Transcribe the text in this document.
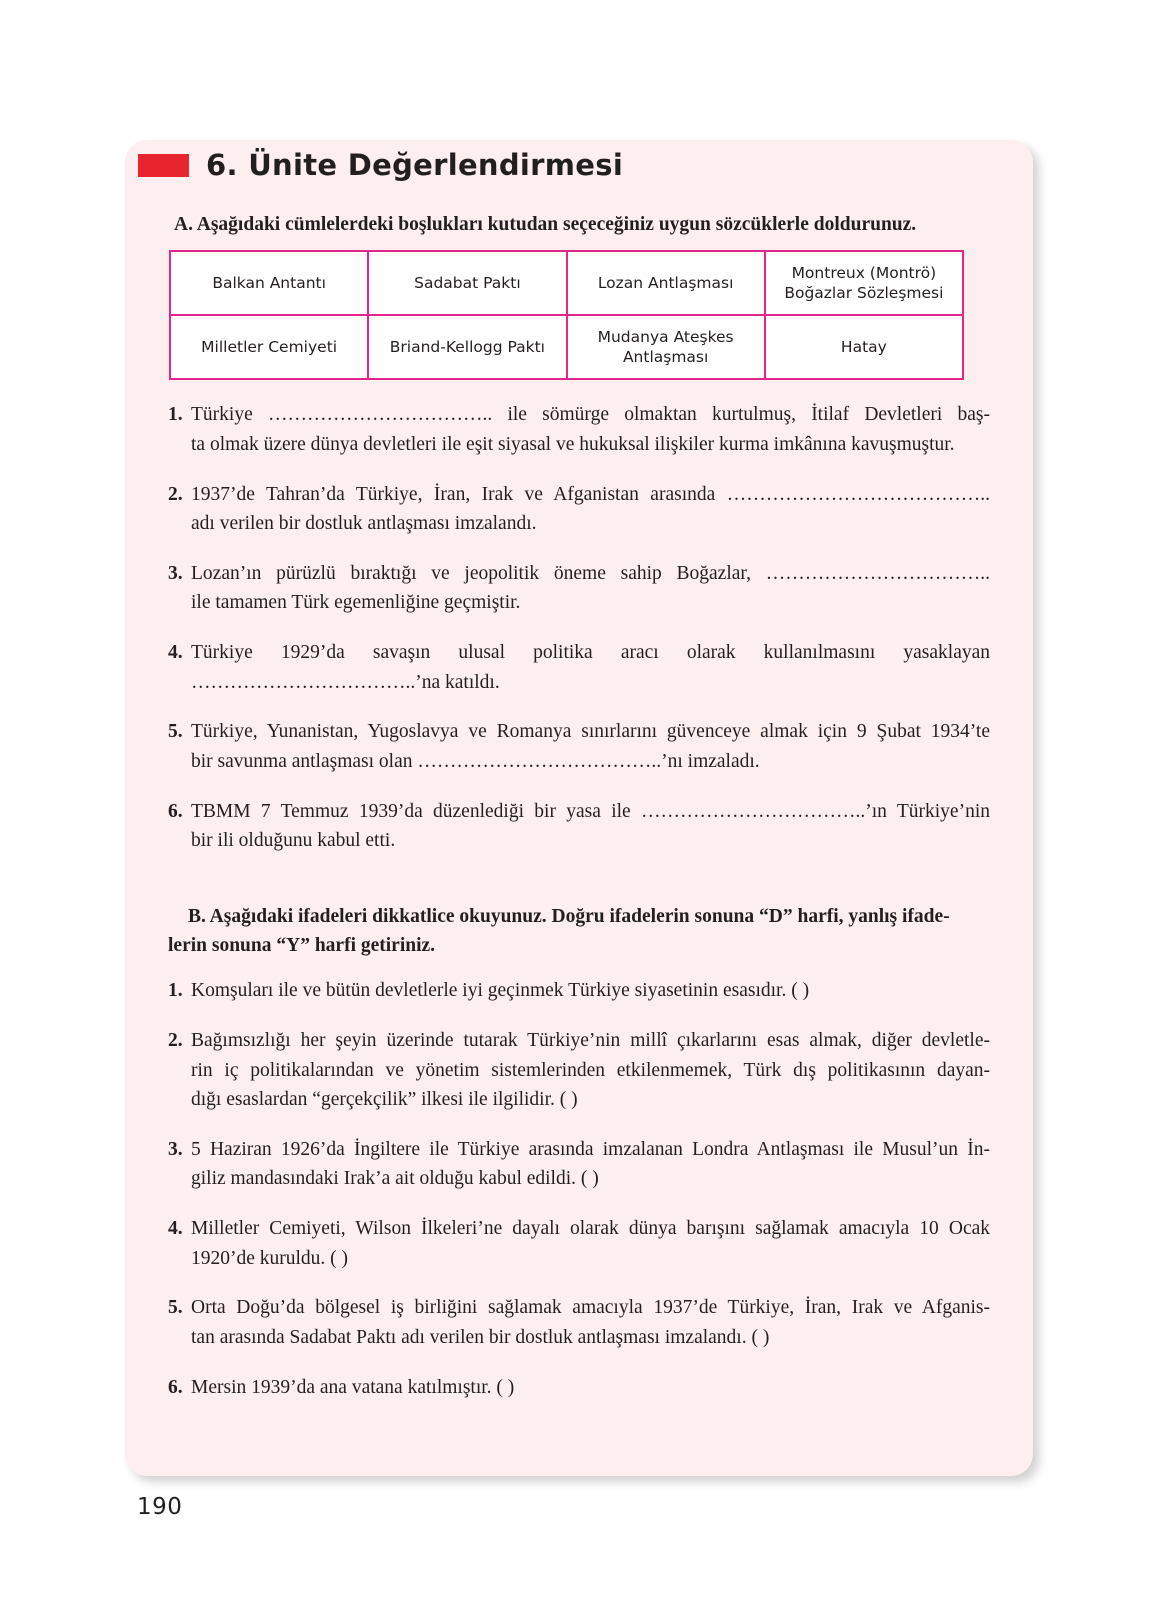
6. Ünite Değerlendirmesi
A. Aşağıdaki cümlelerdeki boşlukları kutudan seçeceğiniz uygun sözcüklerle doldurunuz.
Balkan Antantı	Sadabat Paktı	Lozan Antlaşması	Montreux (Montrö) Boğazlar Sözleşmesi
Milletler Cemiyeti	Briand-Kellogg Paktı	Mudanya Ateşkes Antlaşması	Hatay
1. Türkiye …………………………….. ile sömürge olmaktan kurtulmuş, İtilaf Devletleri baş-
ta olmak üzere dünya devletleri ile eşit siyasal ve hukuksal ilişkiler kurma imkânına kavuşmuştur.
2. 1937’de Tahran’da Türkiye, İran, Irak ve Afganistan arasında …………………………………..
adı verilen bir dostluk antlaşması imzalandı.
3. Lozan’ın pürüzlü bıraktığı ve jeopolitik öneme sahip Boğazlar, ……………………………..
ile tamamen Türk egemenliğine geçmiştir.
4. Türkiye 1929’da savaşın ulusal politika aracı olarak kullanılmasını yasaklayan
……………………………..’na katıldı.
5. Türkiye, Yunanistan, Yugoslavya ve Romanya sınırlarını güvenceye almak için 9 Şubat 1934’te
bir savunma antlaşması olan ………………………………..’nı imzaladı.
6. TBMM 7 Temmuz 1939’da düzenlediği bir yasa ile ……………………………..’ın Türkiye’nin
bir ili olduğunu kabul etti.
B. Aşağıdaki ifadeleri dikkatlice okuyunuz. Doğru ifadelerin sonuna “D” harfi, yanlış ifade-
lerin sonuna “Y” harfi getiriniz.
1. Komşuları ile ve bütün devletlerle iyi geçinmek Türkiye siyasetinin esasıdır. ( )
2. Bağımsızlığı her şeyin üzerinde tutarak Türkiye’nin millî çıkarlarını esas almak, diğer devletle-
rin iç politikalarından ve yönetim sistemlerinden etkilenmemek, Türk dış politikasının dayan-
dığı esaslardan “gerçekçilik” ilkesi ile ilgilidir. ( )
3. 5 Haziran 1926’da İngiltere ile Türkiye arasında imzalanan Londra Antlaşması ile Musul’un İn-
giliz mandasındaki Irak’a ait olduğu kabul edildi. ( )
4. Milletler Cemiyeti, Wilson İlkeleri’ne dayalı olarak dünya barışını sağlamak amacıyla 10 Ocak
1920’de kuruldu. ( )
5. Orta Doğu’da bölgesel iş birliğini sağlamak amacıyla 1937’de Türkiye, İran, Irak ve Afganis-
tan arasında Sadabat Paktı adı verilen bir dostluk antlaşması imzalandı. ( )
6. Mersin 1939’da ana vatana katılmıştır. ( )
190
